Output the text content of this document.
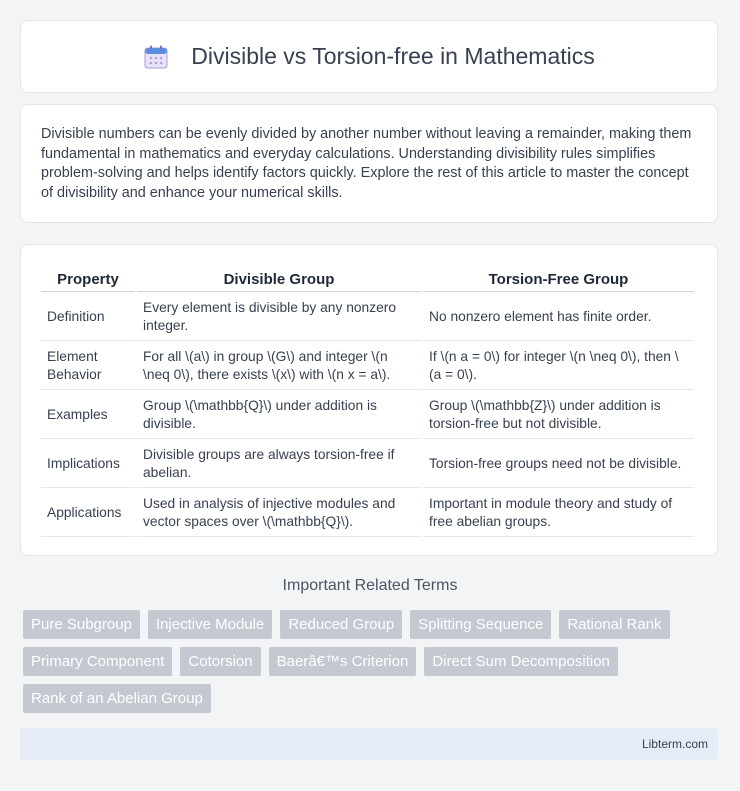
Divisible vs Torsion-free in Mathematics

Divisible numbers can be evenly divided by another number without leaving a remainder, making them fundamental in mathematics and everyday calculations. Understanding divisibility rules simplifies problem-solving and helps identify factors quickly. Explore the rest of this article to master the concept of divisibility and enhance your numerical skills.

Property	Divisible Group	Torsion-Free Group
Definition	Every element is divisible by any nonzero integer.	No nonzero element has finite order.
Element Behavior	For all \(a\) in group \(G\) and integer \(n \neq 0\), there exists \(x\) with \(n x = a\).	If \(n a = 0\) for integer \(n \neq 0\), then \(a = 0\).
Examples	Group \(\mathbb{Q}\) under addition is divisible.	Group \(\mathbb{Z}\) under addition is torsion-free but not divisible.
Implications	Divisible groups are always torsion-free if abelian.	Torsion-free groups need not be divisible.
Applications	Used in analysis of injective modules and vector spaces over \(\mathbb{Q}\).	Important in module theory and study of free abelian groups.
Important Related Terms
Pure Subgroup	Injective Module	Reduced Group	Splitting Sequence	Rational Rank
Primary Component	Cotorsion	Baerâ€™s Criterion	Direct Sum Decomposition
Rank of an Abelian Group
Libterm.com
